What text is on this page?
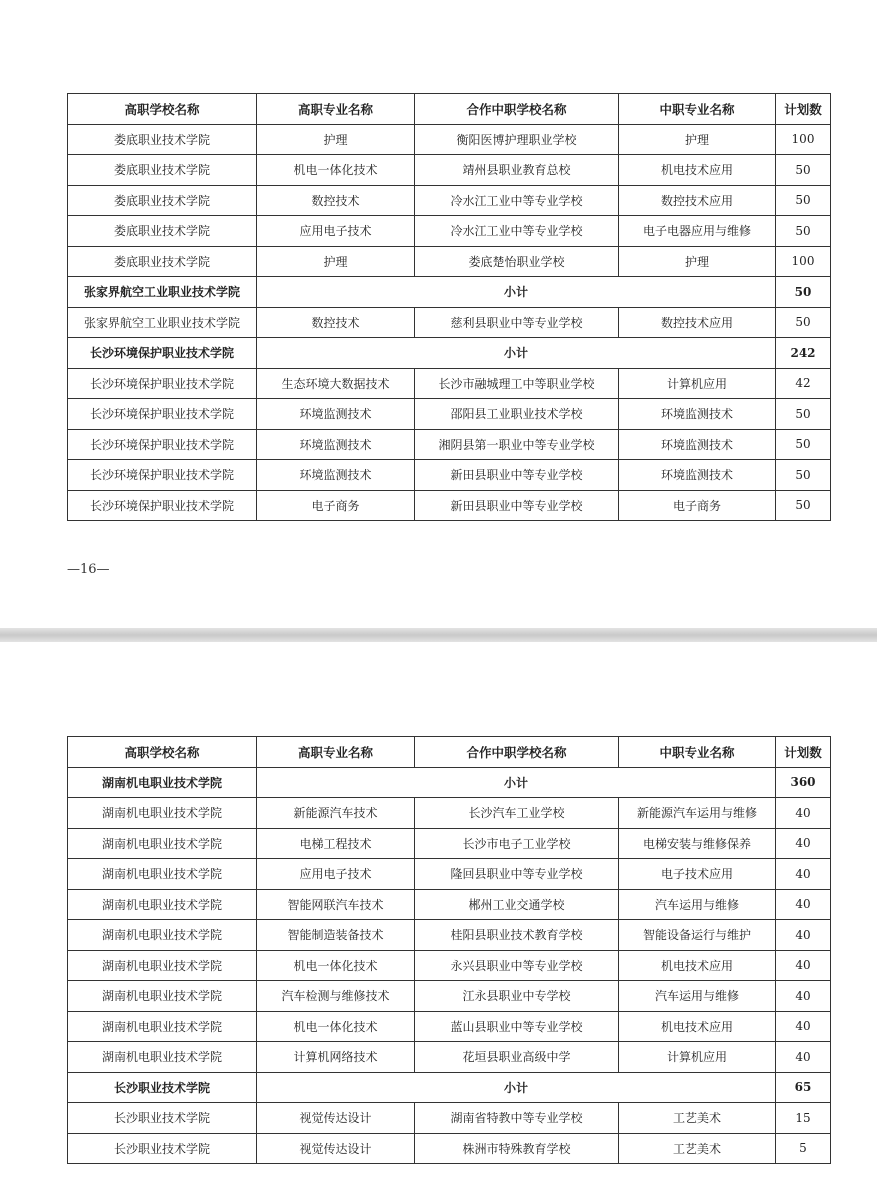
高职学校名称	高职专业名称	合作中职学校名称	中职专业名称	计划数
娄底职业技术学院	护理	衡阳医博护理职业学校	护理	100
娄底职业技术学院	机电一体化技术	靖州县职业教育总校	机电技术应用	50
娄底职业技术学院	数控技术	冷水江工业中等专业学校	数控技术应用	50
娄底职业技术学院	应用电子技术	冷水江工业中等专业学校	电子电器应用与维修	50
娄底职业技术学院	护理	娄底楚怡职业学校	护理	100
张家界航空工业职业技术学院	小计			50
张家界航空工业职业技术学院	数控技术	慈利县职业中等专业学校	数控技术应用	50
长沙环境保护职业技术学院	小计			242
长沙环境保护职业技术学院	生态环境大数据技术	长沙市融城理工中等职业学校	计算机应用	42
长沙环境保护职业技术学院	环境监测技术	邵阳县工业职业技术学校	环境监测技术	50
长沙环境保护职业技术学院	环境监测技术	湘阴县第一职业中等专业学校	环境监测技术	50
长沙环境保护职业技术学院	环境监测技术	新田县职业中等专业学校	环境监测技术	50
长沙环境保护职业技术学院	电子商务	新田县职业中等专业学校	电子商务	50
—16—
高职学校名称	高职专业名称	合作中职学校名称	中职专业名称	计划数
湖南机电职业技术学院	小计			360
湖南机电职业技术学院	新能源汽车技术	长沙汽车工业学校	新能源汽车运用与维修	40
湖南机电职业技术学院	电梯工程技术	长沙市电子工业学校	电梯安装与维修保养	40
湖南机电职业技术学院	应用电子技术	隆回县职业中等专业学校	电子技术应用	40
湖南机电职业技术学院	智能网联汽车技术	郴州工业交通学校	汽车运用与维修	40
湖南机电职业技术学院	智能制造装备技术	桂阳县职业技术教育学校	智能设备运行与维护	40
湖南机电职业技术学院	机电一体化技术	永兴县职业中等专业学校	机电技术应用	40
湖南机电职业技术学院	汽车检测与维修技术	江永县职业中专学校	汽车运用与维修	40
湖南机电职业技术学院	机电一体化技术	蓝山县职业中等专业学校	机电技术应用	40
湖南机电职业技术学院	计算机网络技术	花垣县职业高级中学	计算机应用	40
长沙职业技术学院	小计			65
长沙职业技术学院	视觉传达设计	湖南省特教中等专业学校	工艺美术	15
长沙职业技术学院	视觉传达设计	株洲市特殊教育学校	工艺美术	5
